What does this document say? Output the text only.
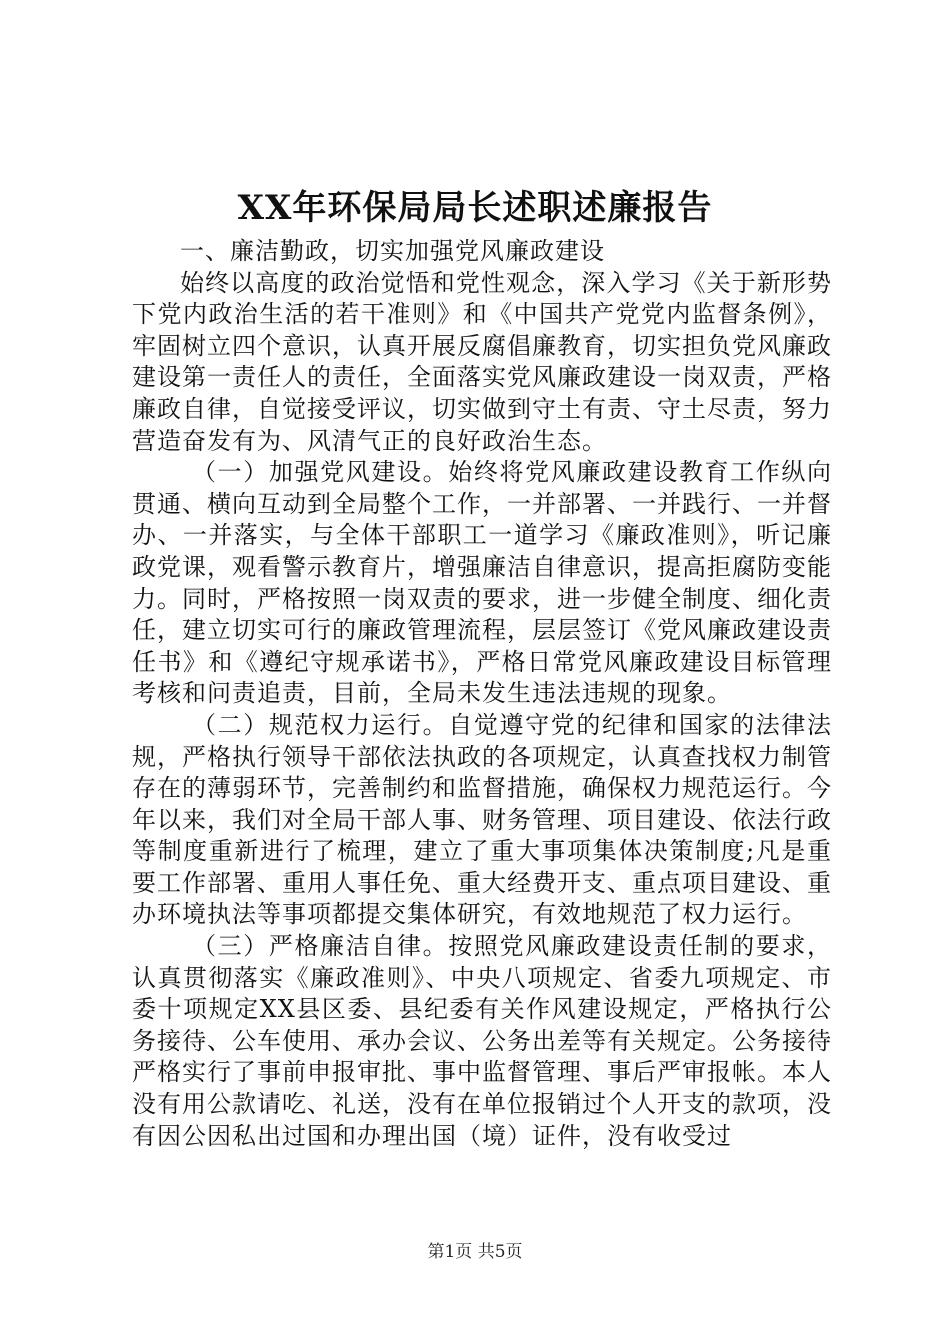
XX年环保局局长述职述廉报告

一、廉洁勤政，切实加强党风廉政建设

始终以高度的政治觉悟和党性观念，深入学习《关于新形势下党内政治生活的若干准则》和《中国共产党党内监督条例》，牢固树立四个意识，认真开展反腐倡廉教育，切实担负党风廉政建设第一责任人的责任，全面落实党风廉政建设一岗双责，严格廉政自律，自觉接受评议，切实做到守土有责、守土尽责，努力营造奋发有为、风清气正的良好政治生态。

（一）加强党风建设。始终将党风廉政建设教育工作纵向贯通、横向互动到全局整个工作，一并部署、一并践行、一并督办、一并落实，与全体干部职工一道学习《廉政准则》，听记廉政党课，观看警示教育片，增强廉洁自律意识，提高拒腐防变能力。同时，严格按照一岗双责的要求，进一步健全制度、细化责任，建立切实可行的廉政管理流程，层层签订《党风廉政建设责任书》和《遵纪守规承诺书》，严格日常党风廉政建设目标管理考核和问责追责，目前，全局未发生违法违规的现象。

（二）规范权力运行。自觉遵守党的纪律和国家的法律法规，严格执行领导干部依法执政的各项规定，认真查找权力制管存在的薄弱环节，完善制约和监督措施，确保权力规范运行。今年以来，我们对全局干部人事、财务管理、项目建设、依法行政等制度重新进行了梳理，建立了重大事项集体决策制度;凡是重要工作部署、重用人事任免、重大经费开支、重点项目建设、重办环境执法等事项都提交集体研究，有效地规范了权力运行。

（三）严格廉洁自律。按照党风廉政建设责任制的要求，认真贯彻落实《廉政准则》、中央八项规定、省委九项规定、市委十项规定XX县区委、县纪委有关作风建设规定，严格执行公务接待、公车使用、承办会议、公务出差等有关规定。公务接待严格实行了事前申报审批、事中监督管理、事后严审报帐。本人没有用公款请吃、礼送，没有在单位报销过个人开支的款项，没有因公因私出过国和办理出国（境）证件，没有收受过

第1页 共5页
